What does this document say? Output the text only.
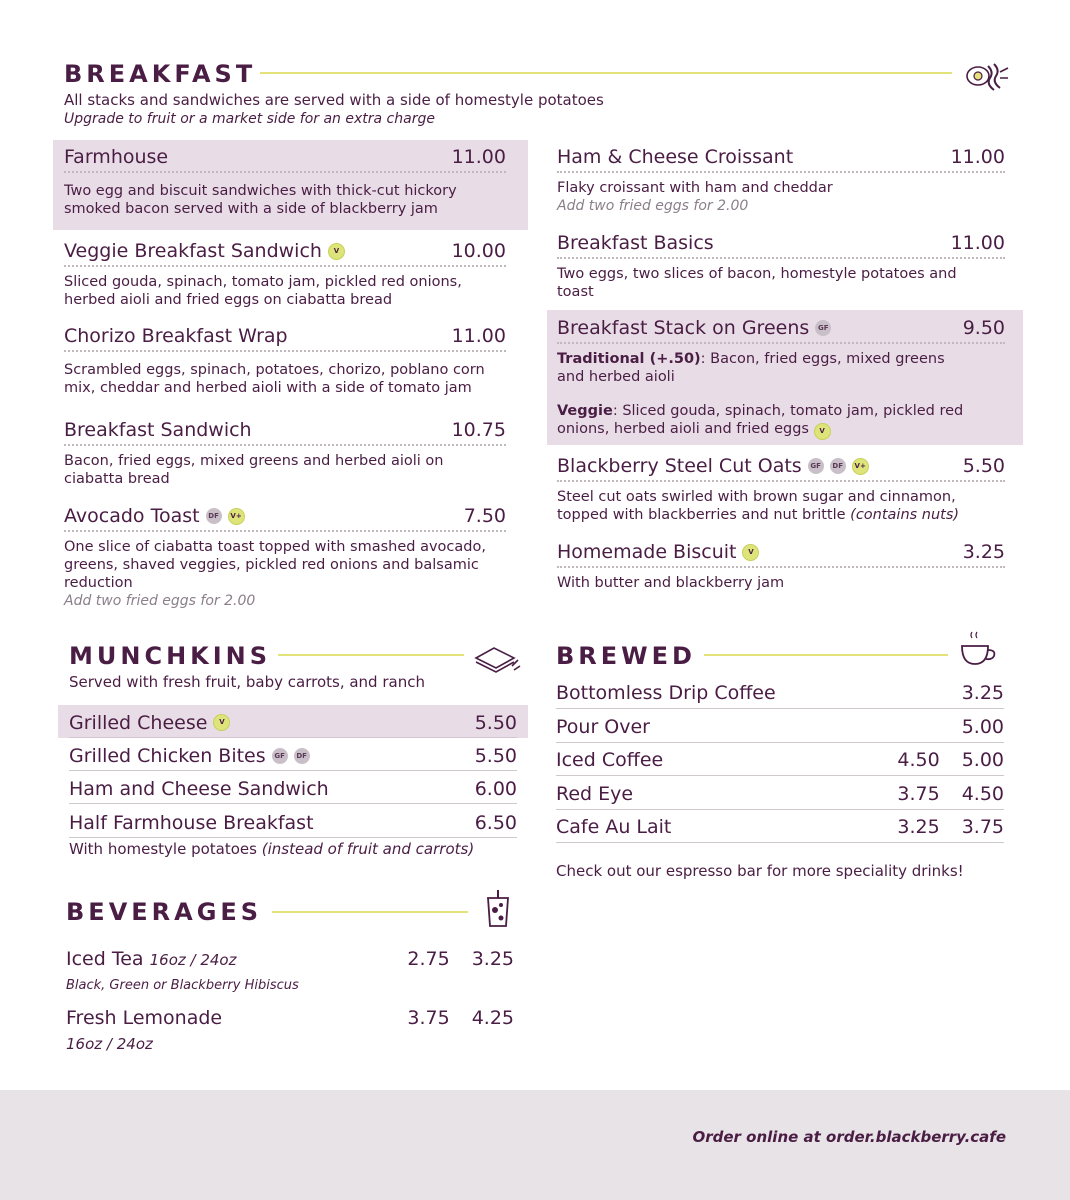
BREAKFAST
All stacks and sandwiches are served with a side of homestyle potatoes
Upgrade to fruit or a market side for an extra charge
Farmhouse	11.00
Two egg and biscuit sandwiches with thick-cut hickory smoked bacon served with a side of blackberry jam
Veggie Breakfast Sandwich	V	10.00
Sliced gouda, spinach, tomato jam, pickled red onions, herbed aioli and fried eggs on ciabatta bread
Chorizo Breakfast Wrap	11.00
Scrambled eggs, spinach, potatoes, chorizo, poblano corn mix, cheddar and herbed aioli with a side of tomato jam
Breakfast Sandwich	10.75
Bacon, fried eggs, mixed greens and herbed aioli on ciabatta bread
Avocado Toast	DF	V+	7.50
One slice of ciabatta toast topped with smashed avocado, greens, shaved veggies, pickled red onions and balsamic reduction
Add two fried eggs for 2.00
Ham & Cheese Croissant	11.00
Flaky croissant with ham and cheddar
Add two fried eggs for 2.00
Breakfast Basics	11.00
Two eggs, two slices of bacon, homestyle potatoes and toast
Breakfast Stack on Greens	GF	9.50
Traditional (+.50): Bacon, fried eggs, mixed greens and herbed aioli
Veggie: Sliced gouda, spinach, tomato jam, pickled red onions, herbed aioli and fried eggs V
Blackberry Steel Cut Oats	GF	DF	V+	5.50
Steel cut oats swirled with brown sugar and cinnamon, topped with blackberries and nut brittle (contains nuts)
Homemade Biscuit	V	3.25
With butter and blackberry jam
MUNCHKINS
Served with fresh fruit, baby carrots, and ranch
Grilled Cheese	V	5.50
Grilled Chicken Bites	GF	DF	5.50
Ham and Cheese Sandwich	6.00
Half Farmhouse Breakfast	6.50
With homestyle potatoes (instead of fruit and carrots)
BEVERAGES
Iced Tea 16oz / 24oz	2.75 3.25
Black, Green or Blackberry Hibiscus
Fresh Lemonade	3.75 4.25
16oz / 24oz
BREWED
Bottomless Drip Coffee	3.25
Pour Over	5.00
Iced Coffee	4.50 5.00
Red Eye	3.75 4.50
Cafe Au Lait	3.25 3.75
Check out our espresso bar for more speciality drinks!
Order online at order.blackberry.cafe
